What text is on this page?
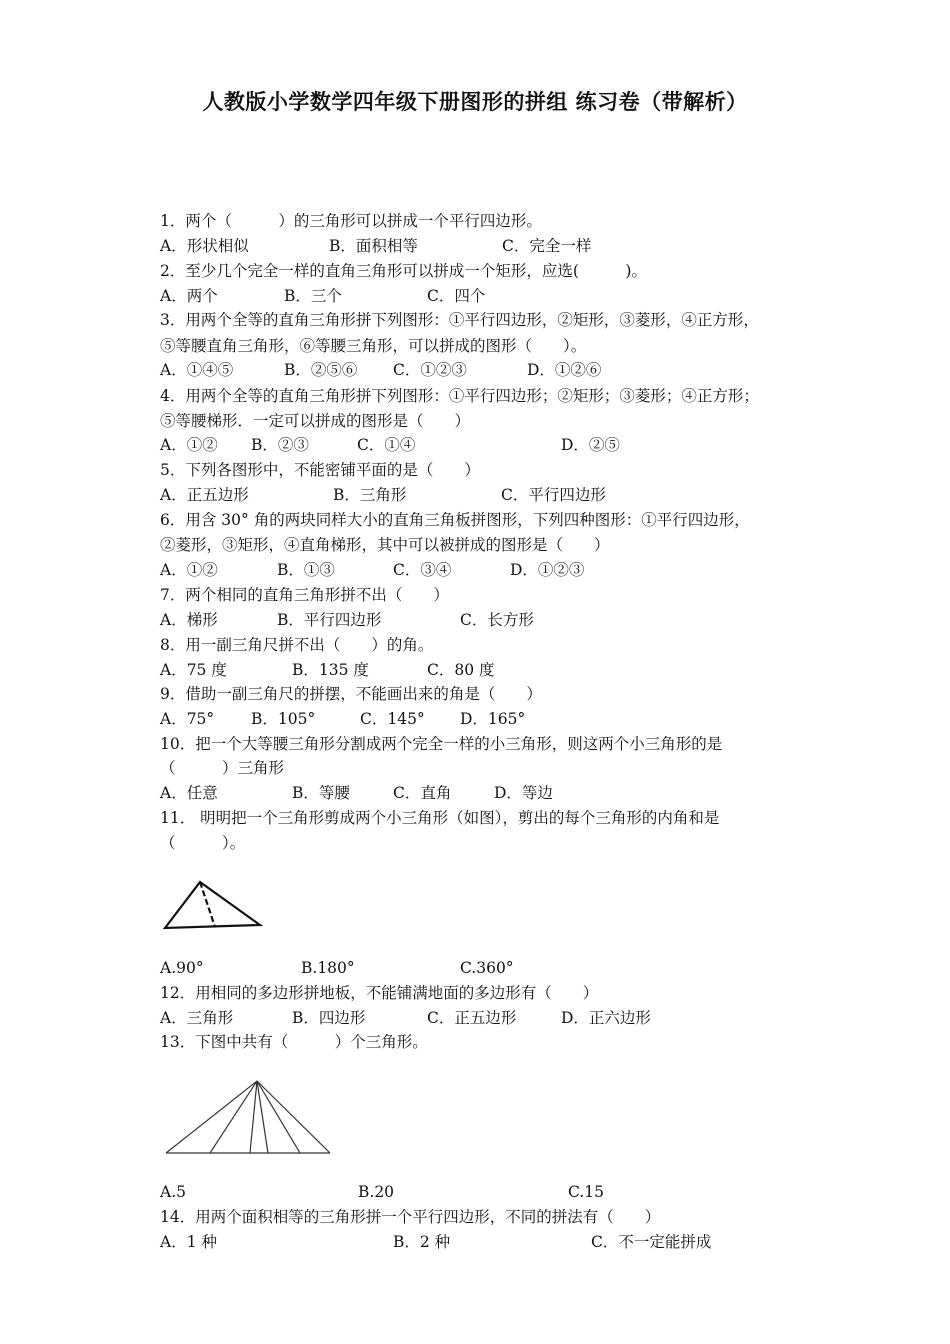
人教版小学数学四年级下册图形的拼组 练习卷（带解析）
1．两个（　　　）的三角形可以拼成一个平行四边形。
A．形状相似	B．面积相等	C．完全一样
2．至少几个完全一样的直角三角形可以拼成一个矩形，应选(　　　)。
A．两个	B．三个	C．四个
3．用两个全等的直角三角形拼下列图形：①平行四边形，②矩形，③菱形，④正方形，
⑤等腰直角三角形，⑥等腰三角形，可以拼成的图形（　　）。
A．①④⑤	B．②⑤⑥ C．①②③	D．①②⑥
4．用两个全等的直角三角形拼下列图形：①平行四边形；②矩形；③菱形；④正方形；
⑤等腰梯形．一定可以拼成的图形是（　　）
A．①② B．②③	C．①④	D．②⑤
5．下列各图形中，不能密铺平面的是（　　）
A．正五边形	B．三角形	C．平行四边形
6．用含 30° 角的两块同样大小的直角三角板拼图形，下列四种图形：①平行四边形，
②菱形，③矩形，④直角梯形，其中可以被拼成的图形是（　　）
A．①②	B．①③	C．③④	D．①②③
7．两个相同的直角三角形拼不出（　　）
A．梯形	B．平行四边形	C．长方形
8．用一副三角尺拼不出（　　）的角。
A．75 度	B．135 度	C．80 度
9．借助一副三角尺的拼摆，不能画出来的角是（　　）
A．75° B．105°	C．145° D．165°
10．把一个大等腰三角形分割成两个完全一样的小三角形，则这两个小三角形的是
（　　　）三角形
A．任意	B．等腰	C．直角	D．等边
11． 明明把一个三角形剪成两个小三角形（如图），剪出的每个三角形的内角和是
（　　　）。
A.90°	B.180°	C.360°
12．用相同的多边形拼地板，不能铺满地面的多边形有（　　）
A．三角形	B．四边形	C．正五边形	D．正六边形
13．下图中共有（　　　）个三角形。
A.5	B.20	C.15
14．用两个面积相等的三角形拼一个平行四边形，不同的拼法有（　　）
A．1 种	B．2 种	C．不一定能拼成
